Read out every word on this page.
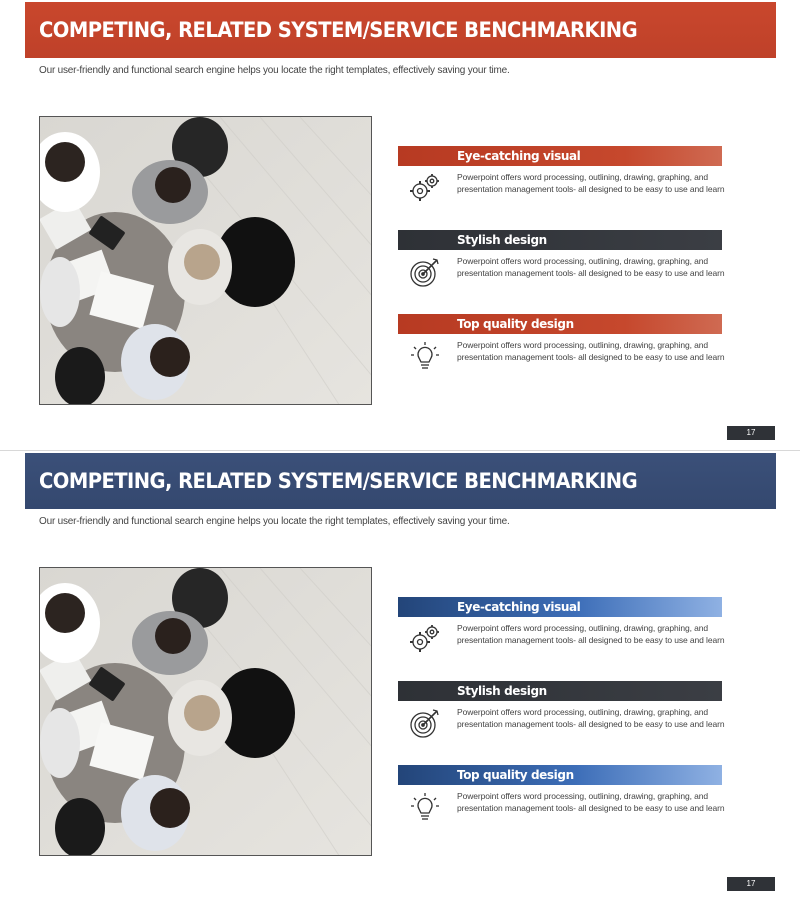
COMPETING, RELATED SYSTEM/SERVICE BENCHMARKING
Our user-friendly and functional search engine helps you locate the right templates, effectively saving your time.
Eye-catching visual
Powerpoint offers word processing, outlining, drawing, graphing, and presentation management tools- all designed to be easy to use and learn
Stylish design
Powerpoint offers word processing, outlining, drawing, graphing, and presentation management tools- all designed to be easy to use and learn
Top quality design
Powerpoint offers word processing, outlining, drawing, graphing, and presentation management tools- all designed to be easy to use and learn
17
COMPETING, RELATED SYSTEM/SERVICE BENCHMARKING
Our user-friendly and functional search engine helps you locate the right templates, effectively saving your time.
Eye-catching visual
Powerpoint offers word processing, outlining, drawing, graphing, and presentation management tools- all designed to be easy to use and learn
Stylish design
Powerpoint offers word processing, outlining, drawing, graphing, and presentation management tools- all designed to be easy to use and learn
Top quality design
Powerpoint offers word processing, outlining, drawing, graphing, and presentation management tools- all designed to be easy to use and learn
17
